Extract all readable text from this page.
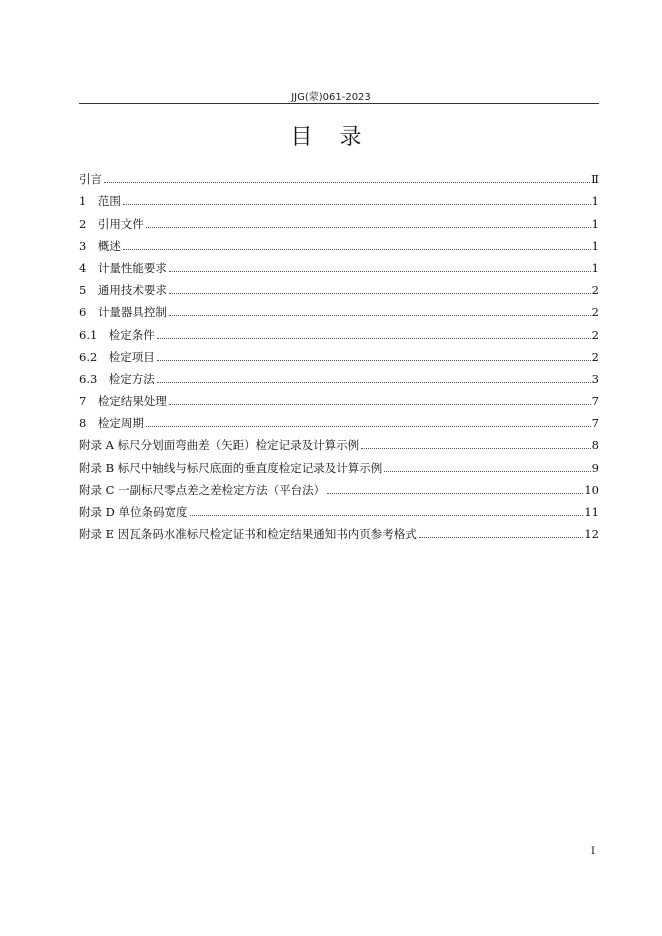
JJG(蒙)061-2023
目 录
引言	Ⅱ
1　范围	1
2　引用文件	1
3　概述	1
4　计量性能要求	1
5　通用技术要求	2
6　计量器具控制	2
6.1　检定条件	2
6.2　检定项目	2
6.3　检定方法	3
7　检定结果处理	7
8　检定周期	7
附录 A 标尺分划面弯曲差（矢距）检定记录及计算示例	8
附录 B 标尺中轴线与标尺底面的垂直度检定记录及计算示例	9
附录 C 一副标尺零点差之差检定方法（平台法）	10
附录 D 单位条码宽度	11
附录 E 因瓦条码水准标尺检定证书和检定结果通知书内页参考格式	12
I
